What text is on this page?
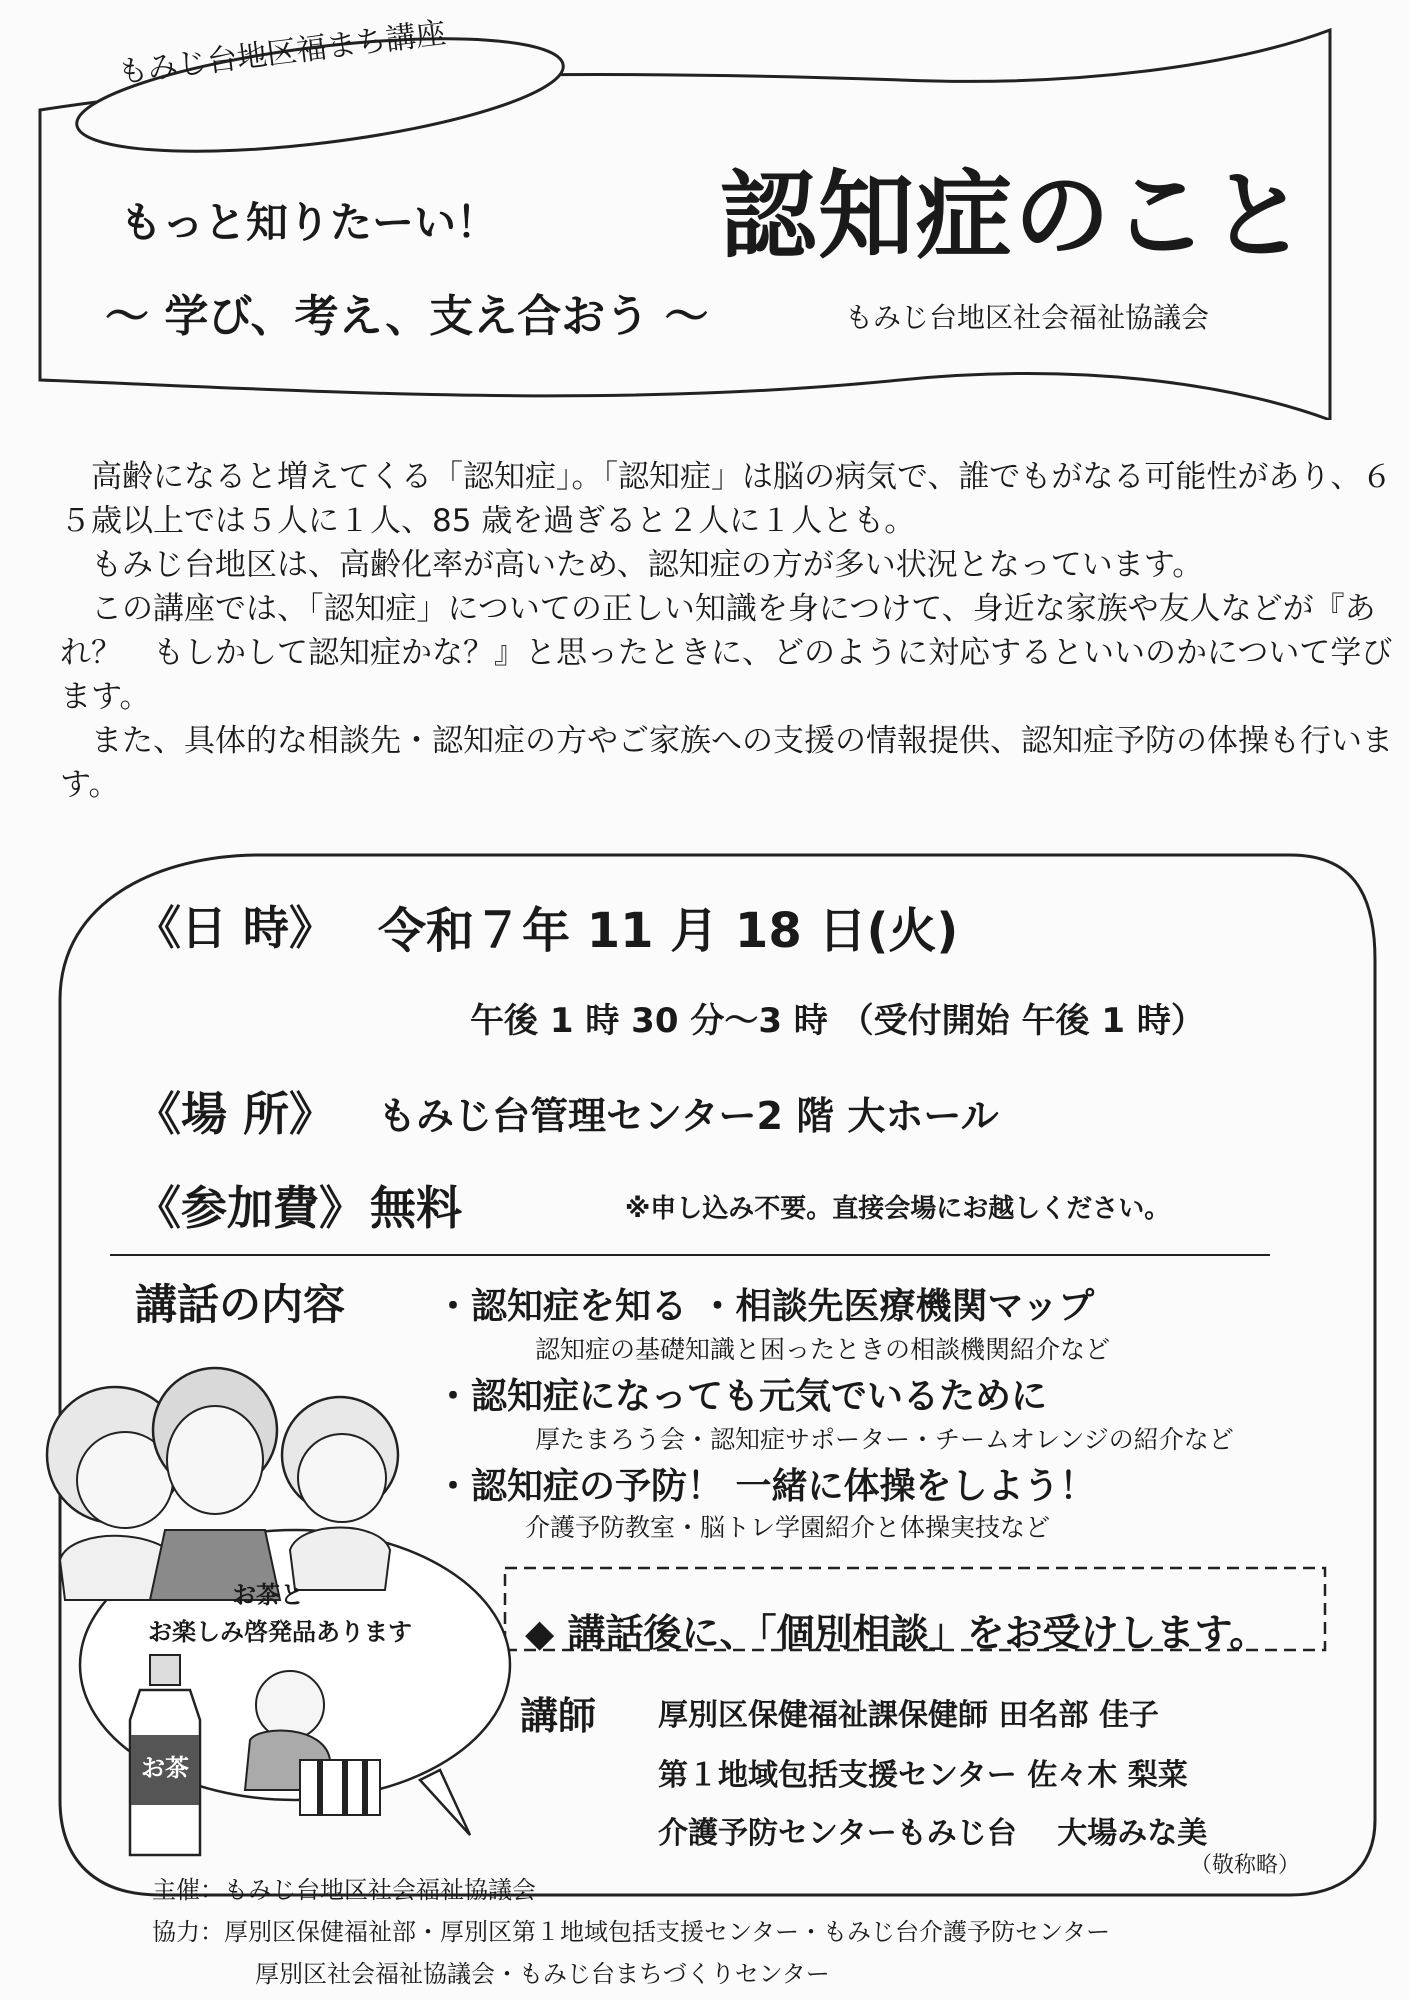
もみじ台地区福まち講座
もっと知りたーい！ 認知症のこと
～ 学び、考え、支え合おう ～	もみじ台地区社会福祉協議会

高齢になると増えてくる「認知症」。「認知症」は脳の病気で、誰でもがなる可能性があり、６５歳以上では５人に１人、85 歳を過ぎると２人に１人とも。

もみじ台地区は、高齢化率が高いため、認知症の方が多い状況となっています。

この講座では、「認知症」についての正しい知識を身につけて、身近な家族や友人などが『あれ？　もしかして認知症かな？』と思ったときに、どのように対応するといいのかについて学びます。

また、具体的な相談先・認知症の方やご家族への支援の情報提供、認知症予防の体操も行います。

お茶と
お楽しみ啓発品あります
お茶
《日 時》 令和７年 11 月 18 日(火)
午後 1 時 30 分～3 時 （受付開始 午後 1 時）
《場 所》 もみじ台管理センター2 階 大ホール
《参加費》 無料	※申し込み不要。直接会場にお越しください。
講話の内容 ・認知症を知る ・相談先医療機関マップ
認知症の基礎知識と困ったときの相談機関紹介など
・認知症になっても元気でいるために
厚たまろう会・認知症サポーター・チームオレンジの紹介など
・認知症の予防！ 一緒に体操をしよう！
介護予防教室・脳トレ学園紹介と体操実技など
◆ 講話後に、「個別相談」をお受けします。
講師 厚別区保健福祉課保健師 田名部 佳子
第１地域包括支援センター 佐々木 梨菜
介護予防センターもみじ台　 大場みな美
（敬称略）
主催：もみじ台地区社会福祉協議会
協力：厚別区保健福祉部・厚別区第１地域包括支援センター・もみじ台介護予防センター
厚別区社会福祉協議会・もみじ台まちづくりセンター
